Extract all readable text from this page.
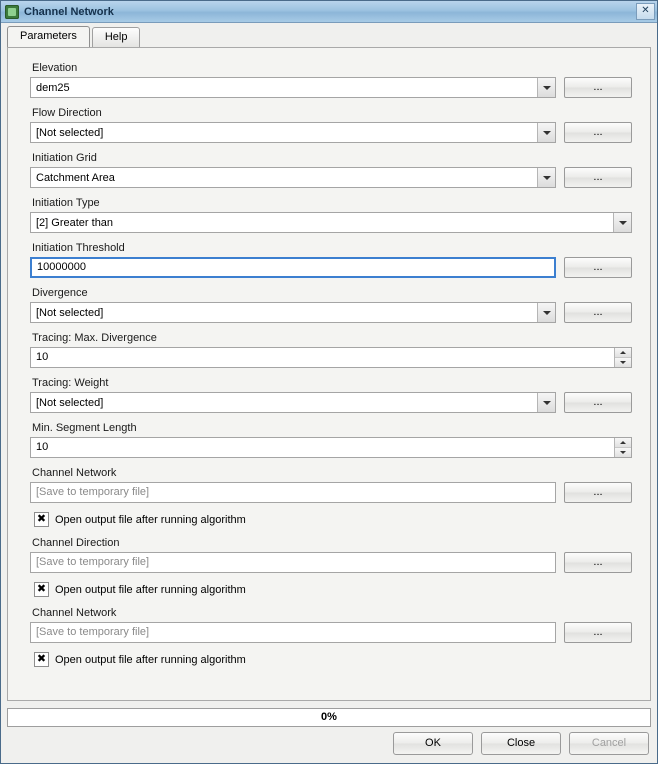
Channel Network	✕
Parameters	Help
Elevation
dem25	...
Flow Direction
[Not selected]	...
Initiation Grid
Catchment Area	...
Initiation Type
[2] Greater than
Initiation Threshold
10000000	...
Divergence
[Not selected]	...
Tracing: Max. Divergence
10
Tracing: Weight
[Not selected]	...
Min. Segment Length
10
Channel Network
[Save to temporary file]	...
✖ Open output file after running algorithm
Channel Direction
[Save to temporary file]	...
✖ Open output file after running algorithm
Channel Network
[Save to temporary file]	...
✖ Open output file after running algorithm
0%
OK	Close	Cancel
